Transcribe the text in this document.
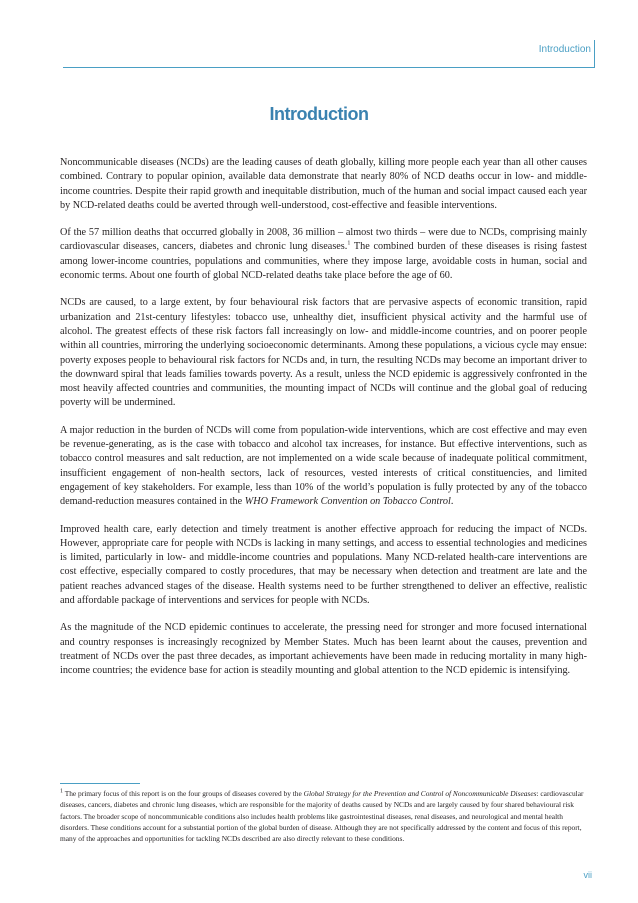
Introduction
Introduction

Noncommunicable diseases (NCDs) are the leading causes of death globally, killing more people each year than all other causes combined. Contrary to popular opinion, available data demonstrate that nearly 80% of NCD deaths occur in low- and middle-income countries. Despite their rapid growth and inequitable distribution, much of the human and social impact caused each year by NCD-related deaths could be averted through well-understood, cost-effective and feasible interventions.

Of the 57 million deaths that occurred globally in 2008, 36 million – almost two thirds – were due to NCDs, comprising mainly cardiovascular diseases, cancers, diabetes and chronic lung diseases.$^1$ The combined burden of these diseases is rising fastest among lower-income countries, populations and communities, where they impose large, avoidable costs in human, social and economic terms. About one fourth of global NCD-related deaths take place before the age of 60.

NCDs are caused, to a large extent, by four behavioural risk factors that are pervasive aspects of economic transition, rapid urbanization and 21st-century lifestyles: tobacco use, unhealthy diet, insufficient physical activity and the harmful use of alcohol. The greatest effects of these risk factors fall increasingly on low- and middle-income countries, and on poorer people within all countries, mirroring the underlying socioeconomic determinants. Among these populations, a vicious cycle may ensue: poverty exposes people to behavioural risk factors for NCDs and, in turn, the resulting NCDs may become an important driver to the downward spiral that leads families towards poverty. As a result, unless the NCD epidemic is aggressively confronted in the most heavily affected countries and communities, the mounting impact of NCDs will continue and the global goal of reducing poverty will be undermined.

A major reduction in the burden of NCDs will come from population-wide interventions, which are cost effective and may even be revenue-generating, as is the case with tobacco and alcohol tax increases, for instance. But effective interventions, such as tobacco control measures and salt reduction, are not implemented on a wide scale because of inadequate political commitment, insufficient engagement of non-health sectors, lack of resources, vested interests of critical constituencies, and limited engagement of key stakeholders. For example, less than 10% of the world’s population is fully protected by any of the tobacco demand-reduction measures contained in the WHO Framework Convention on Tobacco Control.

Improved health care, early detection and timely treatment is another effective approach for reducing the impact of NCDs. However, appropriate care for people with NCDs is lacking in many settings, and access to essential technologies and medicines is limited, particularly in low- and middle-income countries and populations. Many NCD-related health-care interventions are cost effective, especially compared to costly procedures, that may be necessary when detection and treatment are late and the patient reaches advanced stages of the disease. Health systems need to be further strengthened to deliver an effective, realistic and affordable package of interventions and services for people with NCDs.

As the magnitude of the NCD epidemic continues to accelerate, the pressing need for stronger and more focused international and country responses is increasingly recognized by Member States. Much has been learnt about the causes, prevention and treatment of NCDs over the past three decades, as important achievements have been made in reducing mortality in many high-income countries; the evidence base for action is steadily mounting and global attention to the NCD epidemic is intensifying.

$^1$ The primary focus of this report is on the four groups of diseases covered by the Global Strategy for the Prevention and Control of Noncommunicable Diseases: cardiovascular diseases, cancers, diabetes and chronic lung diseases, which are responsible for the majority of deaths caused by NCDs and are largely caused by four shared behavioural risk factors. The broader scope of noncommunicable conditions also includes health problems like gastrointestinal diseases, renal diseases, and neurological and mental health disorders. These conditions account for a substantial portion of the global burden of disease. Although they are not specifically addressed by the content and focus of this report, many of the approaches and opportunities for tackling NCDs described are also directly relevant to these conditions.

vii
